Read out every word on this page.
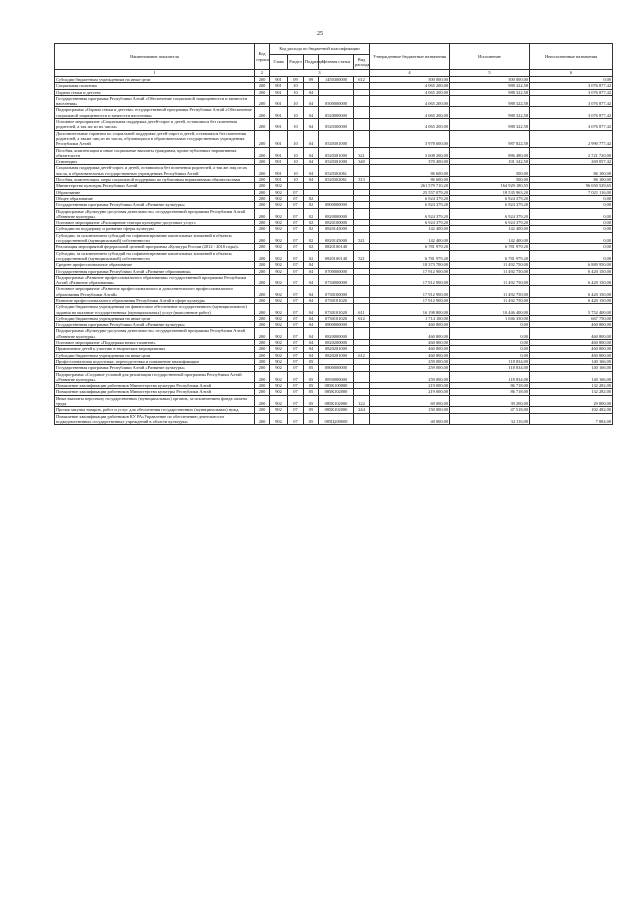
25
Наименование показателя	Код строки	Код расхода по бюджетной классификации					Утвержденные бюджетные назначения	Исполнение	Неисполненные назначения
		Глава	Раздел	Подраздел	Целевая статья	Вид расхода			
1	2	3					4	5	6
Субсидии бюджетным учреждениям на иные цели	200	901	09	09	1450300000	612	300 000,00	300 000,00	0,00
Социальная политика	200	901	10				4 065 200,00	988 322,58	3 076 877,42
Охрана семьи и детства	200	901	10	04			4 065 200,00	988 322,58	3 076 877,42
Государственная программа Республики Алтай «Обеспечение социальной защищенности и занятости населения»	200	901	10	04	0500000000		4 065 200,00	988 322,58	3 076 877,42
Подпрограмма «Охрана семьи и детства» государственной программы Республики Алтай «Обеспечение социальной защищенности и занятости населения»	200	901	10	04	0520000000		4 065 200,00	988 322,58	3 076 877,42
Основное мероприятие «Социальная поддержка детей-сирот и детей, оставшихся без попечения родителей, а так же из их числа»	200	901	10	04	0520300000		4 065 200,00	988 322,58	3 076 877,42
Дополнительные гарантии по социальной поддержке детей-сирот и детей, оставшихся без попечения родителей, а также лиц из их числа, обучающихся в образовательных государственных учреждениях Республики Алтай	200	901	10	04	0520301000		3 978 600,00	987 822,58	2 990 777,42
Пособия, компенсации и иные социальные выплаты гражданам, кроме публичных нормативных обязательств	200	901	10	04	0520301000	321	3 608 200,00	886 480,00	2 721 720,00
Стипендии	200	901	10	04	0520301000	340	370 400,00	101 342,58	269 057,42
Социальная поддержка детей-сирот, и детей, оставшихся без попечения родителей, а так же лиц из их числа, в образовательных государственных учреждениях Республики Алтай	200	901	10	04	0520302061		86 600,00	500,00	86 100,00
Пособия, компенсации, меры социальной поддержки по публичным нормативным обязательствам	200	901	10	04	0520302061	313	86 600,00	500,00	86 100,00
Министерство культуры Республики Алтай	200	902					261 579 710,20	164 929 180,55	96 650 529,65
Образование	200	902	07				25 557 079,20	18 535 963,20	7 021 116,00
Общее образование	200	902	07	02			6 924 379,20	6 924 379,20	0,00
Государственная программа Республики Алтай «Развитие культуры»	200	902	07	02	0800000000		6 924 379,20	6 924 379,20	0,00
Подпрограмма «Культурно-досуговая деятельность» государственной программы Республики Алтай «Развитие культуры»	200	902	07	02	0820000000		6 924 379,20	6 924 379,20	0,00
Основное мероприятие «Расширение сектора культурно-досуговых услуг»	200	902	07	02	0820100000		6 924 379,20	6 924 379,20	0,00
Субсидии на поддержку и развитие сферы культуры	200	902	07	02	0820145000		142 400,00	142 400,00	0,00
Субсидии, за исключением субсидий на софинансирование капитальных вложений в объекты государственной (муниципальной) собственности	200	902	07	02	0820145000	521	142 400,00	142 400,00	0,00
Реализация мероприятий федеральной целевой программы «Культура России (2012 - 2018 годы)»	200	902	07	02	08201S0140		6 781 979,20	6 781 979,20	0,00
Субсидии, за исключением субсидий на софинансирование капитальных вложений в объекты государственной (муниципальной) собственности	200	902	07	02	08201S0140	521	6 781 979,20	6 781 979,20	0,00
Среднее профессиональное образование	200	902	07	04			18 373 700,00	11 492 750,00	6 880 950,00
Государственная программа Республики Алтай «Развитие образования»	200	902	07	04	0700000000		17 912 900,00	11 492 750,00	6 420 150,00
Подпрограмма «Развитие профессионального образования» государственной программы Республики Алтай «Развитие образования»	200	902	07	04	0730000000		17 912 900,00	11 492 750,00	6 420 150,00
Основное мероприятие «Развитие профессионального и дополнительного профессионального образования Республики Алтай»	200	902	07	04	0730100000		17 912 900,00	11 492 750,00	6 420 150,00
Развитие профессионального образования Республики Алтай в сфере культуры	200	902	07	04	0730101020		17 912 900,00	11 492 750,00	6 420 150,00
Субсидии бюджетным учреждениям на финансовое обеспечение государственного (муниципального) задания на оказание государственных (муниципальных) услуг (выполнение работ)	200	902	07	04	0730101020	611	16 198 800,00	10 446 400,00	5 752 400,00
Субсидии бюджетным учреждениям на иные цели	200	902	07	04	0730101020	612	1 714 100,00	1 046 350,00	667 750,00
Государственная программа Республики Алтай «Развитие культуры»	200	902	07	04	0800000000		460 800,00	0,00	460 800,00
Подпрограмма «Культурно-досуговая деятельность» государственной программы Республики Алтай «Развитие культуры»	200	902	07	04	0820000000		460 800,00	0,00	460 800,00
Основное мероприятие «Поддержка юных талантов»	200	902	07	04	0820200000		460 800,00	0,00	460 800,00
Привлечение детей к участию в творческих мероприятиях	200	902	07	04	0820201000		460 800,00	0,00	460 800,00
Субсидии бюджетным учреждениям на иные цели	200	902	07	04	0820201000	612	460 800,00	0,00	460 800,00
Профессиональная подготовка, переподготовка и повышение квалификации	200	902	07	05			259 000,00	118 834,00	140 166,00
Государственная программа Республики Алтай «Развитие культуры»	200	902	07	05	0800000000		259 000,00	118 834,00	140 166,00
Подпрограмма «Создание условий для реализации государственной программы Республики Алтай «Развитие культуры»	200	902	07	05	0850000000		259 000,00	118 834,00	140 166,00
Повышение квалификации работников Министерства культуры Республики Алтай	200	902	07	05	085К100000		219 000,00	86 718,00	132 282,00
Повышение квалификации работников Министерства культуры Республики Алтай	200	902	07	05	085К102000		219 000,00	86 718,00	132 282,00
Иные выплаты персоналу государственных (муниципальных) органов, за исключением фонда оплаты труда	200	902	07	05	085К102000	122	69 000,00	39 200,00	29 800,00
Прочая закупка товаров, работ и услуг для обеспечения государственных (муниципальных) нужд	200	902	07	05	085К102000	244	150 000,00	47 518,00	102 482,00
Повышение квалификации работников КУ РА«Управление по обеспечению деятельности подведомственных государственных учреждений в области культуры»	200	902	07	05	085Ц200000		40 000,00	32 116,00	7 884,00
